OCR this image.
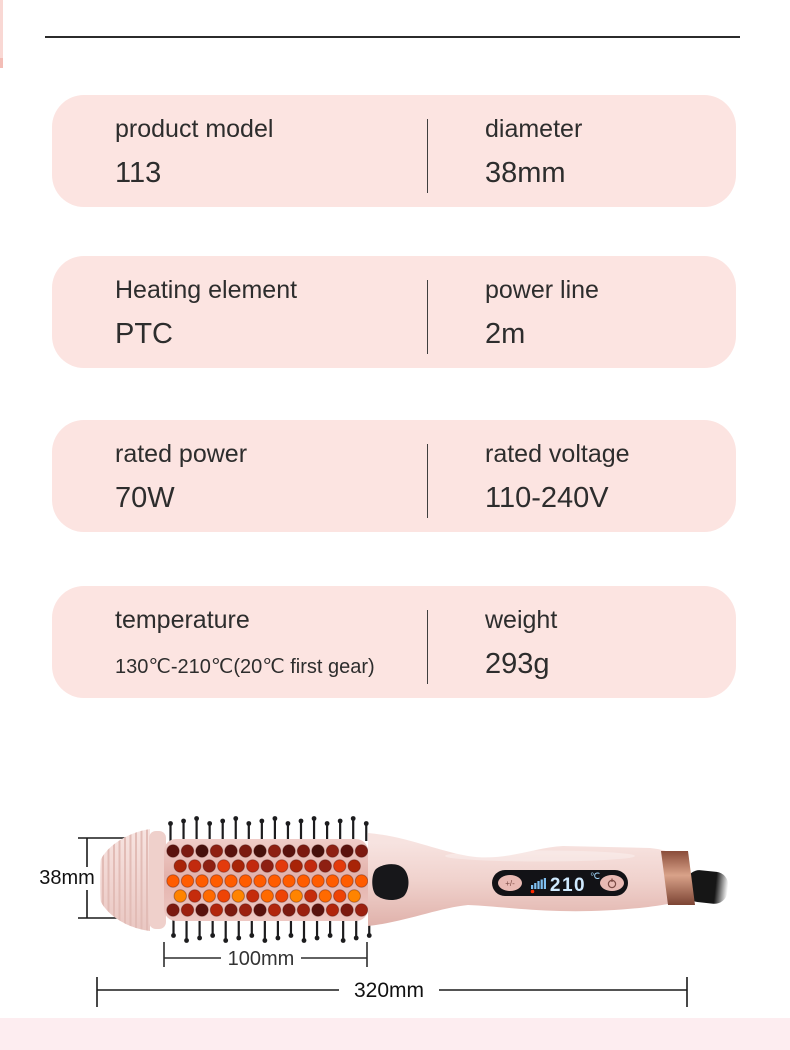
product model
113
diameter
38mm
Heating element
PTC
power line
2m
rated power
70W
rated voltage
110-240V
temperature
130℃-210℃(20℃ first gear)
weight
293g
38mm	+/- 210 ℃
100mm
320mm
